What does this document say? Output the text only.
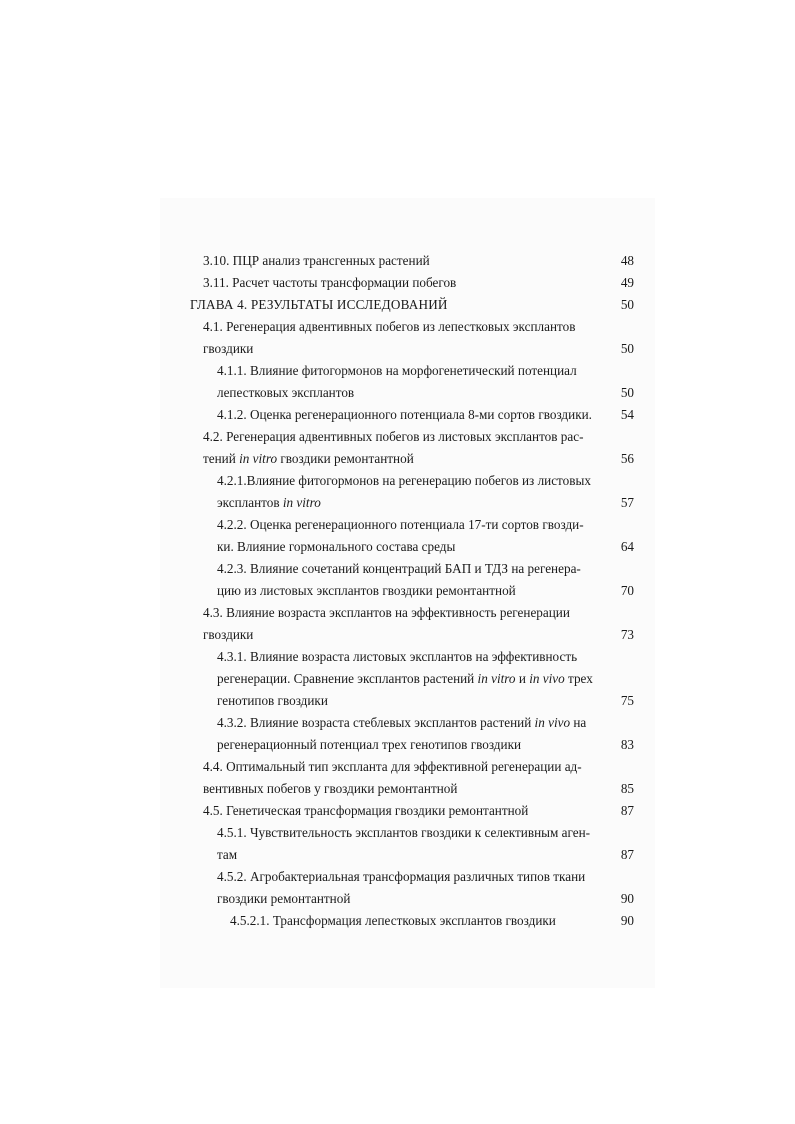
3.10. ПЦР анализ трансгенных растений	48
3.11. Расчет частоты трансформации побегов	49
ГЛАВА 4. РЕЗУЛЬТАТЫ ИССЛЕДОВАНИЙ	50
4.1. Регенерация адвентивных побегов из лепестковых эксплантов
гвоздики	50
4.1.1. Влияние фитогормонов на морфогенетический потенциал
лепестковых эксплантов	50
4.1.2. Оценка регенерационного потенциала 8-ми сортов гвоздики.	54
4.2. Регенерация адвентивных побегов из листовых эксплантов рас-
тений in vitro гвоздики ремонтантной	56
4.2.1.Влияние фитогормонов на регенерацию побегов из листовых
эксплантов in vitro	57
4.2.2. Оценка регенерационного потенциала 17-ти сортов гвозди-
ки. Влияние гормонального состава среды	64
4.2.3. Влияние сочетаний концентраций БАП и ТДЗ на регенера-
цию из листовых эксплантов гвоздики ремонтантной	70
4.3. Влияние возраста эксплантов на эффективность регенерации
гвоздики	73
4.3.1. Влияние возраста листовых эксплантов на эффективность
регенерации. Сравнение эксплантов растений in vitro и in vivo трех
генотипов гвоздики	75
4.3.2. Влияние возраста стеблевых эксплантов растений in vivo на
регенерационный потенциал трех генотипов гвоздики	83
4.4. Оптимальный тип экспланта для эффективной регенерации ад-
вентивных побегов у гвоздики ремонтантной	85
4.5. Генетическая трансформация гвоздики ремонтантной	87
4.5.1. Чувствительность эксплантов гвоздики к селективным аген-
там	87
4.5.2. Агробактериальная трансформация различных типов ткани
гвоздики ремонтантной	90
4.5.2.1. Трансформация лепестковых эксплантов гвоздики	90
